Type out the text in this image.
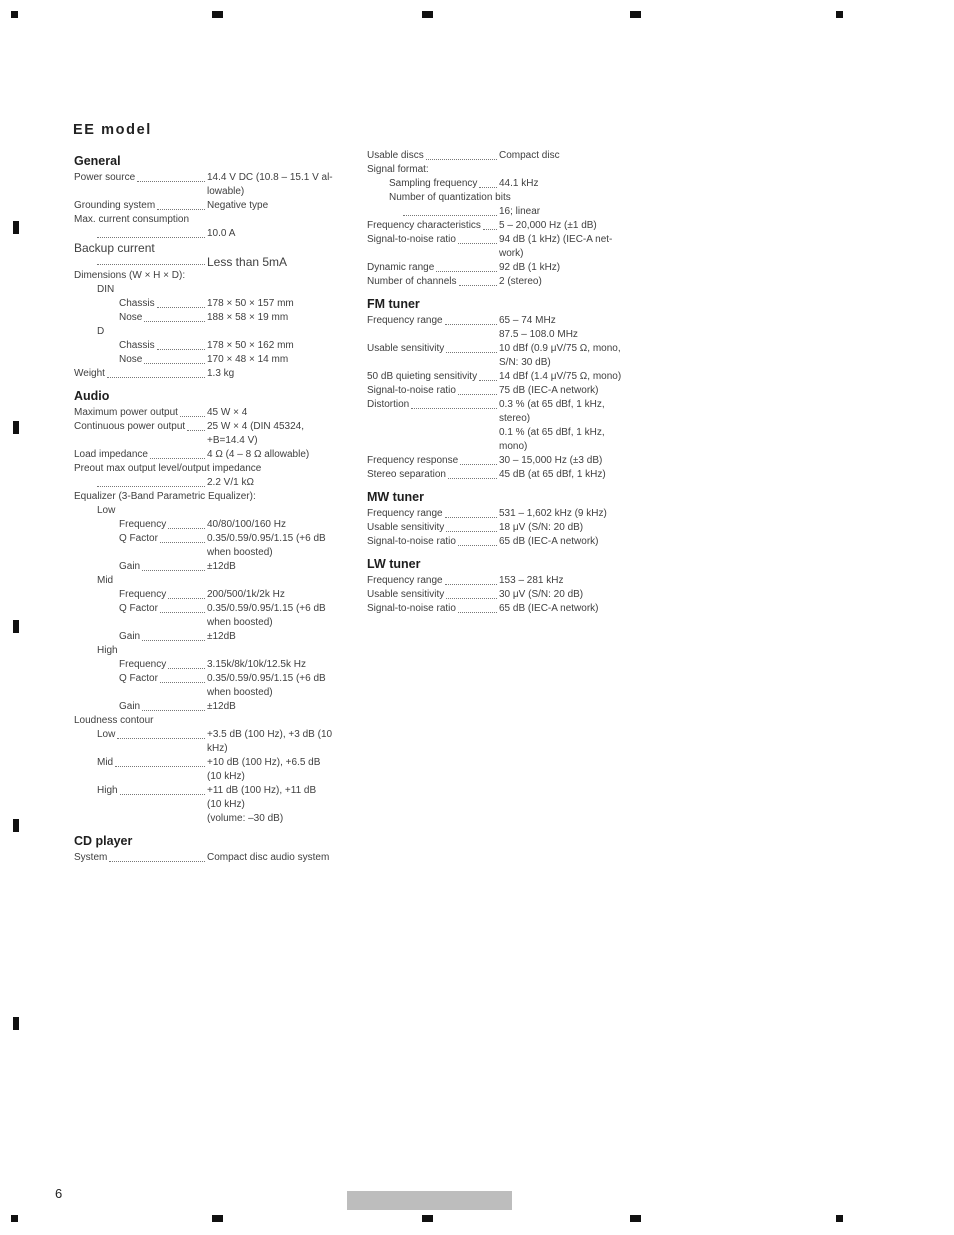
EE model
General
Power source	14.4 V DC (10.8 – 15.1 V al-
lowable)
Grounding system	Negative type
Max. current consumption
10.0 A
Backup current
Less than 5mA
Dimensions (W × H × D):
DIN
Chassis	178 × 50 × 157 mm
Nose	188 × 58 × 19 mm
D
Chassis	178 × 50 × 162 mm
Nose	170 × 48 × 14 mm
Weight	1.3 kg
Audio
Maximum power output	45 W × 4
Continuous power output 25 W × 4 (DIN 45324,
+B=14.4 V)
Load impedance	4 Ω (4 – 8 Ω allowable)
Preout max output level/output impedance
2.2 V/1 kΩ
Equalizer (3-Band Parametric Equalizer):
Low
Frequency	40/80/100/160 Hz
Q Factor	0.35/0.59/0.95/1.15 (+6 dB
when boosted)
Gain	±12dB
Mid
Frequency	200/500/1k/2k Hz
Q Factor	0.35/0.59/0.95/1.15 (+6 dB
when boosted)
Gain	±12dB
High
Frequency	3.15k/8k/10k/12.5k Hz
Q Factor	0.35/0.59/0.95/1.15 (+6 dB
when boosted)
Gain	±12dB
Loudness contour
Low	+3.5 dB (100 Hz), +3 dB (10
kHz)
Mid	+10 dB (100 Hz), +6.5 dB
(10 kHz)
High	+11 dB (100 Hz), +11 dB
(10 kHz)
(volume: –30 dB)
CD player
System	Compact disc audio system
Usable discs	Compact disc
Signal format:
Sampling frequency 44.1 kHz
Number of quantization bits
16; linear
Frequency characteristics 5 – 20,000 Hz (±1 dB)
Signal-to-noise ratio	94 dB (1 kHz) (IEC-A net-
work)
Dynamic range	92 dB (1 kHz)
Number of channels	2 (stereo)
FM tuner
Frequency range	65 – 74 MHz
87.5 – 108.0 MHz
Usable sensitivity	10 dBf (0.9 μV/75 Ω, mono,
S/N: 30 dB)
50 dB quieting sensitivity 14 dBf (1.4 μV/75 Ω, mono)
Signal-to-noise ratio	75 dB (IEC-A network)
Distortion	0.3 % (at 65 dBf, 1 kHz,
stereo)
0.1 % (at 65 dBf, 1 kHz,
mono)
Frequency response	30 – 15,000 Hz (±3 dB)
Stereo separation	45 dB (at 65 dBf, 1 kHz)
MW tuner
Frequency range	531 – 1,602 kHz (9 kHz)
Usable sensitivity	18 μV (S/N: 20 dB)
Signal-to-noise ratio	65 dB (IEC-A network)
LW tuner
Frequency range	153 – 281 kHz
Usable sensitivity	30 μV (S/N: 20 dB)
Signal-to-noise ratio	65 dB (IEC-A network)
6
